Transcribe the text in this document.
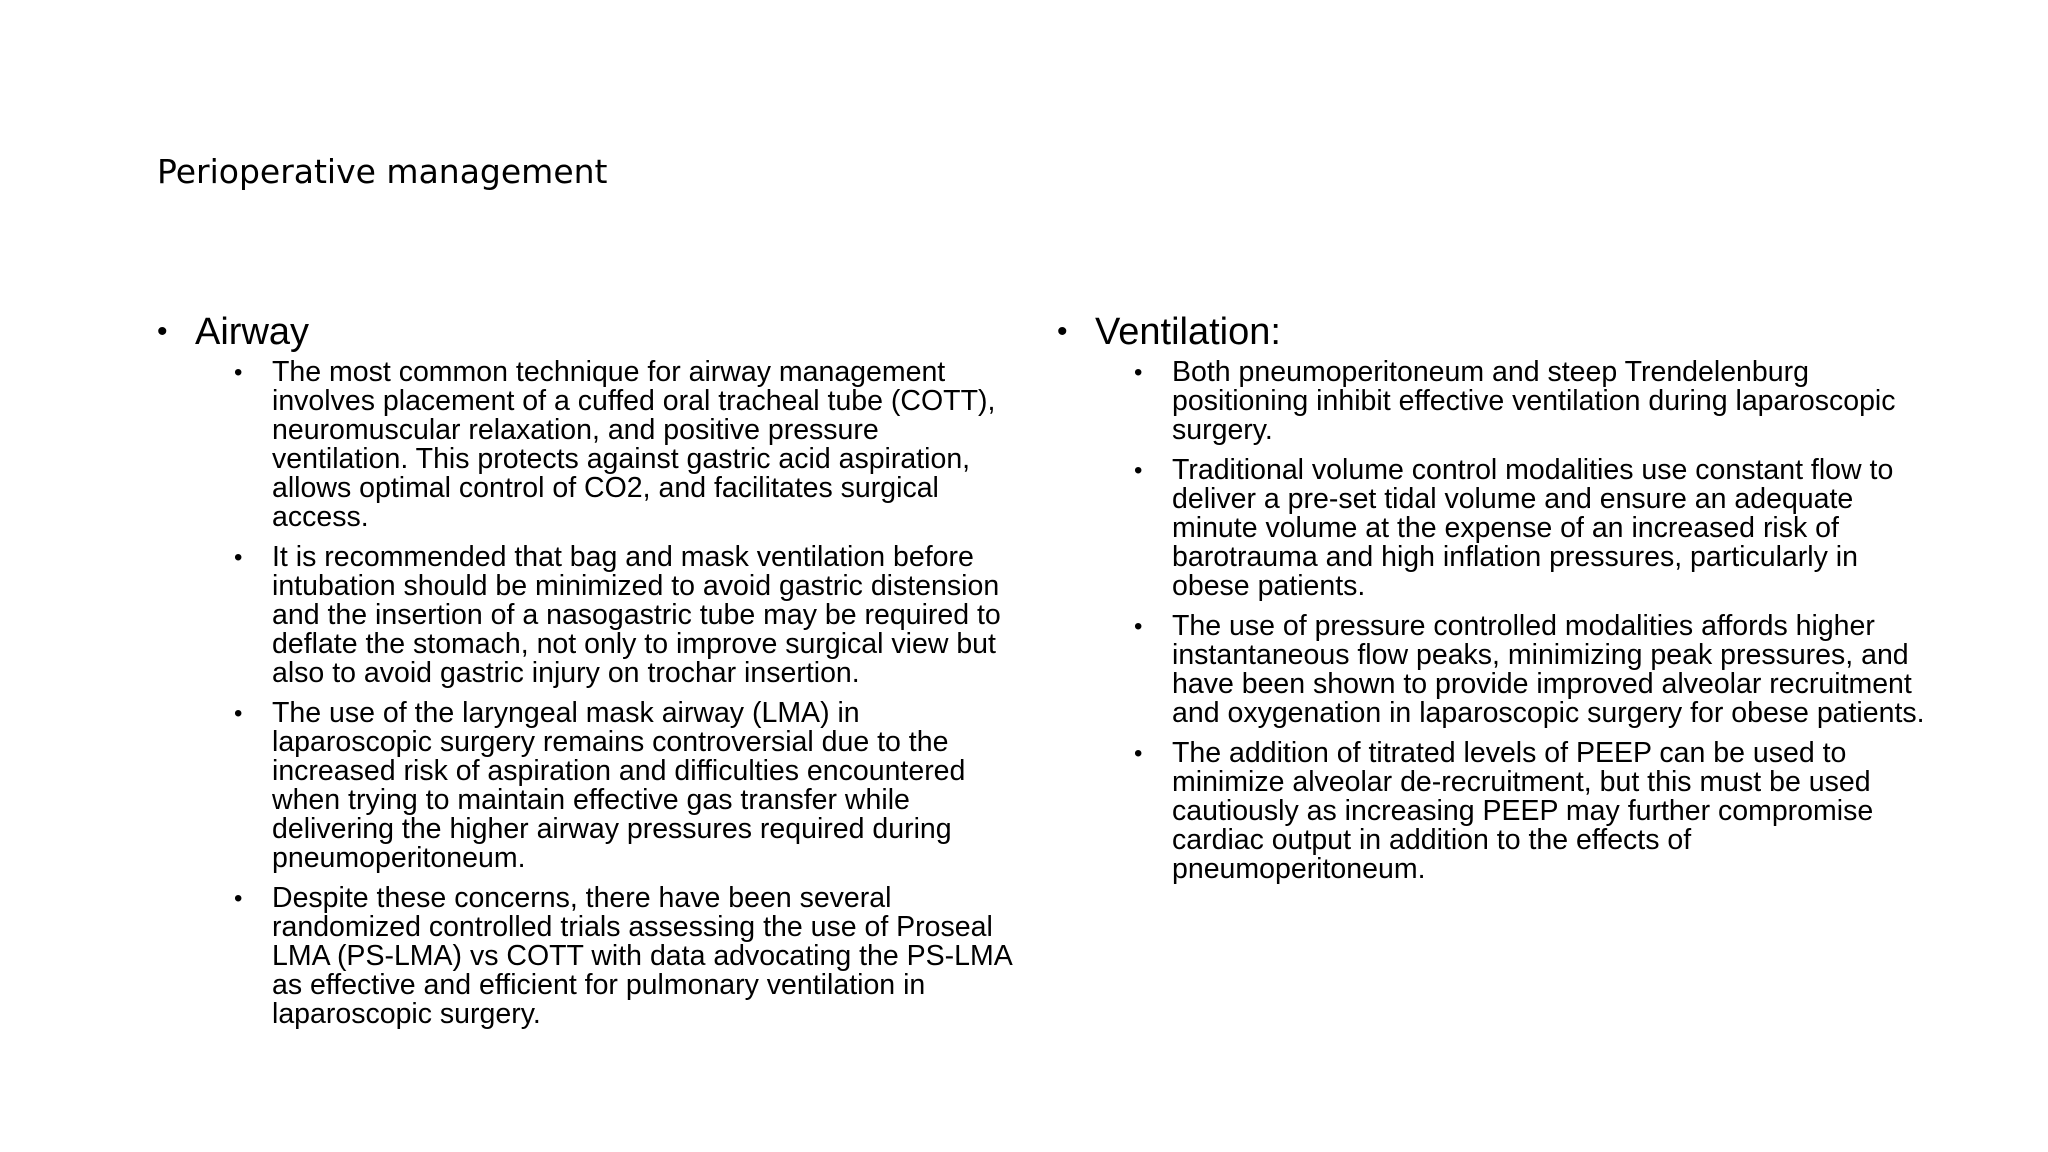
Perioperative management
• Airway
• The most common technique for airway management involves placement of a cuffed oral tracheal tube (COTT), neuromuscular relaxation, and positive pressure ventilation. This protects against gastric acid aspiration, allows optimal control of CO2, and facilitates surgical access.
• It is recommended that bag and mask ventilation before intubation should be minimized to avoid gastric distension and the insertion of a nasogastric tube may be required to deflate the stomach, not only to improve surgical view but also to avoid gastric injury on trochar insertion.
• The use of the laryngeal mask airway (LMA) in laparoscopic surgery remains controversial due to the increased risk of aspiration and difficulties encountered when trying to maintain effective gas transfer while delivering the higher airway pressures required during pneumoperitoneum.
• Despite these concerns, there have been several randomized controlled trials assessing the use of Proseal LMA (PS-LMA) vs COTT with data advocating the PS-LMA as effective and efficient for pulmonary ventilation in laparoscopic surgery.
• Ventilation:
• Both pneumoperitoneum and steep Trendelenburg positioning inhibit effective ventilation during laparoscopic surgery.
• Traditional volume control modalities use constant flow to deliver a pre-set tidal volume and ensure an adequate minute volume at the expense of an increased risk of barotrauma and high inflation pressures, particularly in obese patients.
• The use of pressure controlled modalities affords higher instantaneous flow peaks, minimizing peak pressures, and have been shown to provide improved alveolar recruitment and oxygenation in laparoscopic surgery for obese patients.
• The addition of titrated levels of PEEP can be used to minimize alveolar de-recruitment, but this must be used cautiously as increasing PEEP may further compromise cardiac output in addition to the effects of pneumoperitoneum.
